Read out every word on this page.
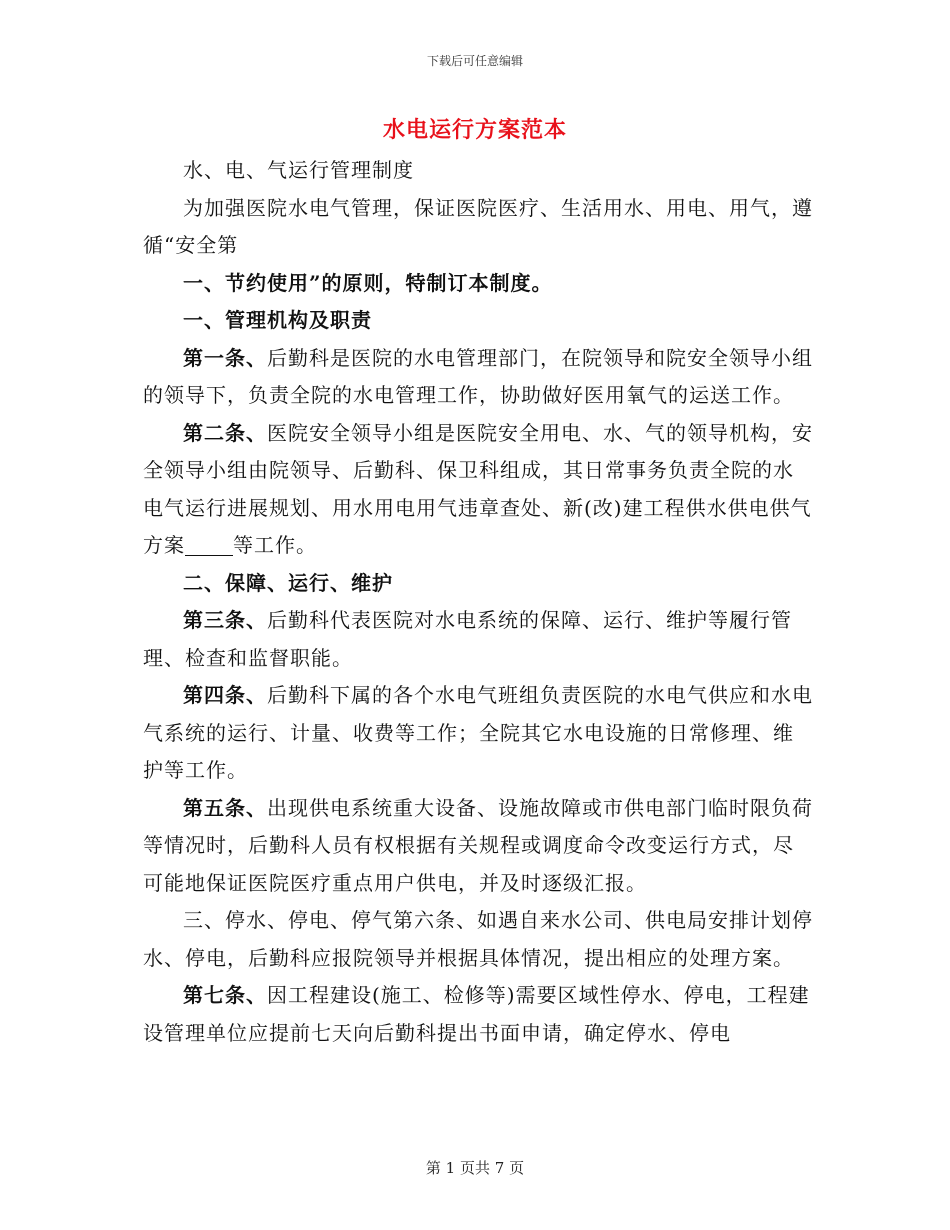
下载后可任意编辑
水电运行方案范本

水、电、气运行管理制度

为加强医院水电气管理，保证医院医疗、生活用水、用电、用气，遵循“安全第

一、节约使用”的原则，特制订本制度。

一、管理机构及职责

第一条、后勤科是医院的水电管理部门，在院领导和院安全领导小组的领导下，负责全院的水电管理工作，协助做好医用氧气的运送工作。

第二条、医院安全领导小组是医院安全用电、水、气的领导机构，安全领导小组由院领导、后勤科、保卫科组成，其日常事务负责全院的水电气运行进展规划、用水用电用气违章查处、新(改)建工程供水供电供气方案 等工作。

二、保障、运行、维护

第三条、后勤科代表医院对水电系统的保障、运行、维护等履行管理、检查和监督职能。

第四条、后勤科下属的各个水电气班组负责医院的水电气供应和水电气系统的运行、计量、收费等工作；全院其它水电设施的日常修理、维护等工作。

第五条、出现供电系统重大设备、设施故障或市供电部门临时限负荷等情况时，后勤科人员有权根据有关规程或调度命令改变运行方式，尽可能地保证医院医疗重点用户供电，并及时逐级汇报。

三、停水、停电、停气第六条、如遇自来水公司、供电局安排计划停水、停电，后勤科应报院领导并根据具体情况，提出相应的处理方案。

第七条、因工程建设(施工、检修等)需要区域性停水、停电，工程建设管理单位应提前七天向后勤科提出书面申请，确定停水、停电

第 1 页共 7 页
